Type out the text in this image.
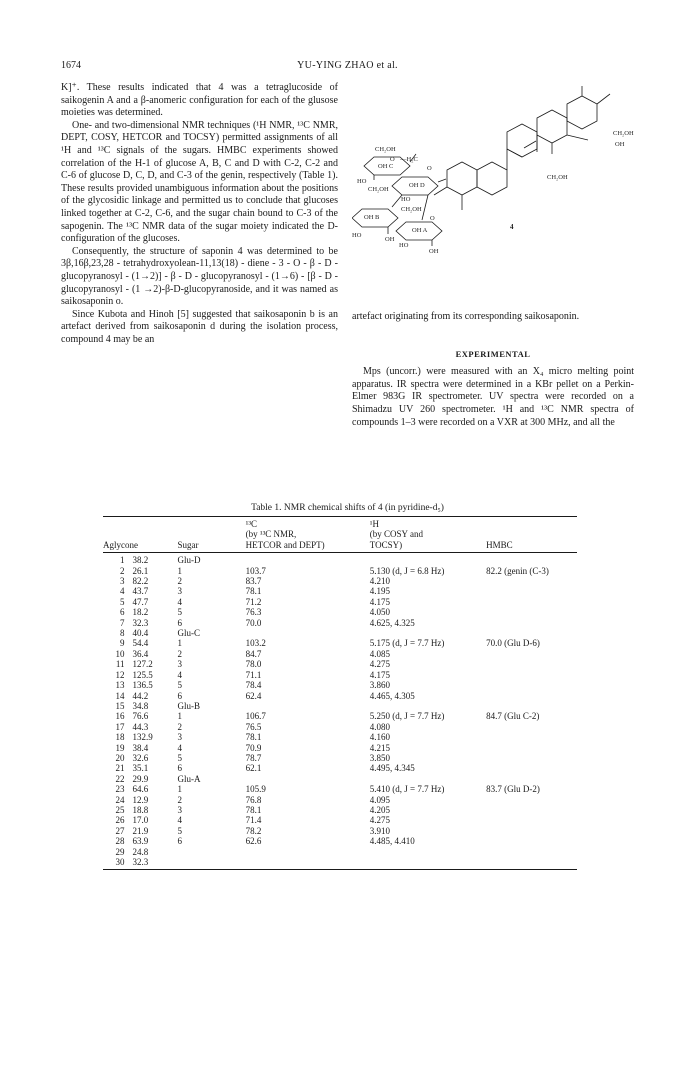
1674	YU-YING ZHAO et al.

K]⁺. These results indicated that 4 was a tetraglucoside of saikogenin A and a β-anomeric configuration for each of the glusose moieties was determined.

One- and two-dimensional NMR techniques (¹H NMR, ¹³C NMR, DEPT, COSY, HETCOR and TOCSY) permitted assignments of all ¹H and ¹³C signals of the sugars. HMBC experiments showed correlation of the H-1 of glucose A, B, C and D with C-2, C-2 and C-6 of glucose D, C, D, and C-3 of the genin, respectively (Table 1). These results provided unambiguous information about the positions of the glycosidic linkage and permitted us to conclude that glucoses linked together at C-2, C-6, and the sugar chain bound to C-3 of the sapogenin. The ¹³C NMR data of the sugar moiety indicated the D-configuration of the glucoses.

Consequently, the structure of saponin 4 was determined to be 3β,16β,23,28 - tetrahydroxyolean-11,13(18) - diene - 3 - O - β - D - glucopyranosyl - (1→2)] - β - D - glucopyranosyl - (1→6) - [β - D - glucopyranosyl - (1 →2)-β-D-glucopyranoside, and it was named as saikosaponin o.

Since Kubota and Hinoh [5] suggested that saikosaponin b is an artefact derived from saikosaponin d during the isolation process, compound 4 may be an

CH₂OH
OH
CH₂OH
CH₂OH
O —H₂C
OH C	O
HO
CH₂OH
OH D
HO
CH₂OH
OH B
HO
OH
O
OH A
HO
OH
4

artefact originating from its corresponding saikosaponin.

EXPERIMENTAL

Mps (uncorr.) were measured with an X₄ micro melting point apparatus. IR spectra were determined in a KBr pellet on a Perkin-Elmer 983G IR spectrometer. UV spectra were recorded on a Shimadzu UV 260 spectrometer. ¹H and ¹³C NMR spectra of compounds 1–3 were recorded on a VXR at 300 MHz, and all the

Table 1. NMR chemical shifts of 4 (in pyridine-d₅)
			¹³C	¹H	
			(by ¹³C NMR,	(by COSY and	
Aglycone		Sugar	HETCOR and DEPT)	TOCSY)	HMBC
1	38.2	Glu-D			
2	26.1	1	103.7	5.130 (d, J = 6.8 Hz)	82.2 (genin (C-3)
3	82.2	2	83.7	4.210	
4	43.7	3	78.1	4.195	
5	47.7	4	71.2	4.175	
6	18.2	5	76.3	4.050	
7	32.3	6	70.0	4.625, 4.325	
8	40.4	Glu-C			
9	54.4	1	103.2	5.175 (d, J = 7.7 Hz)	70.0 (Glu D-6)
10	36.4	2	84.7	4.085	
11	127.2	3	78.0	4.275	
12	125.5	4	71.1	4.175	
13	136.5	5	78.4	3.860	
14	44.2	6	62.4	4.465, 4.305	
15	34.8	Glu-B			
16	76.6	1	106.7	5.250 (d, J = 7.7 Hz)	84.7 (Glu C-2)
17	44.3	2	76.5	4.080	
18	132.9	3	78.1	4.160	
19	38.4	4	70.9	4.215	
20	32.6	5	78.7	3.850	
21	35.1	6	62.1	4.495, 4.345	
22	29.9	Glu-A			
23	64.6	1	105.9	5.410 (d, J = 7.7 Hz)	83.7 (Glu D-2)
24	12.9	2	76.8	4.095	
25	18.8	3	78.1	4.205	
26	17.0	4	71.4	4.275	
27	21.9	5	78.2	3.910	
28	63.9	6	62.6	4.485, 4.410	
29	24.8				
30	32.3				
